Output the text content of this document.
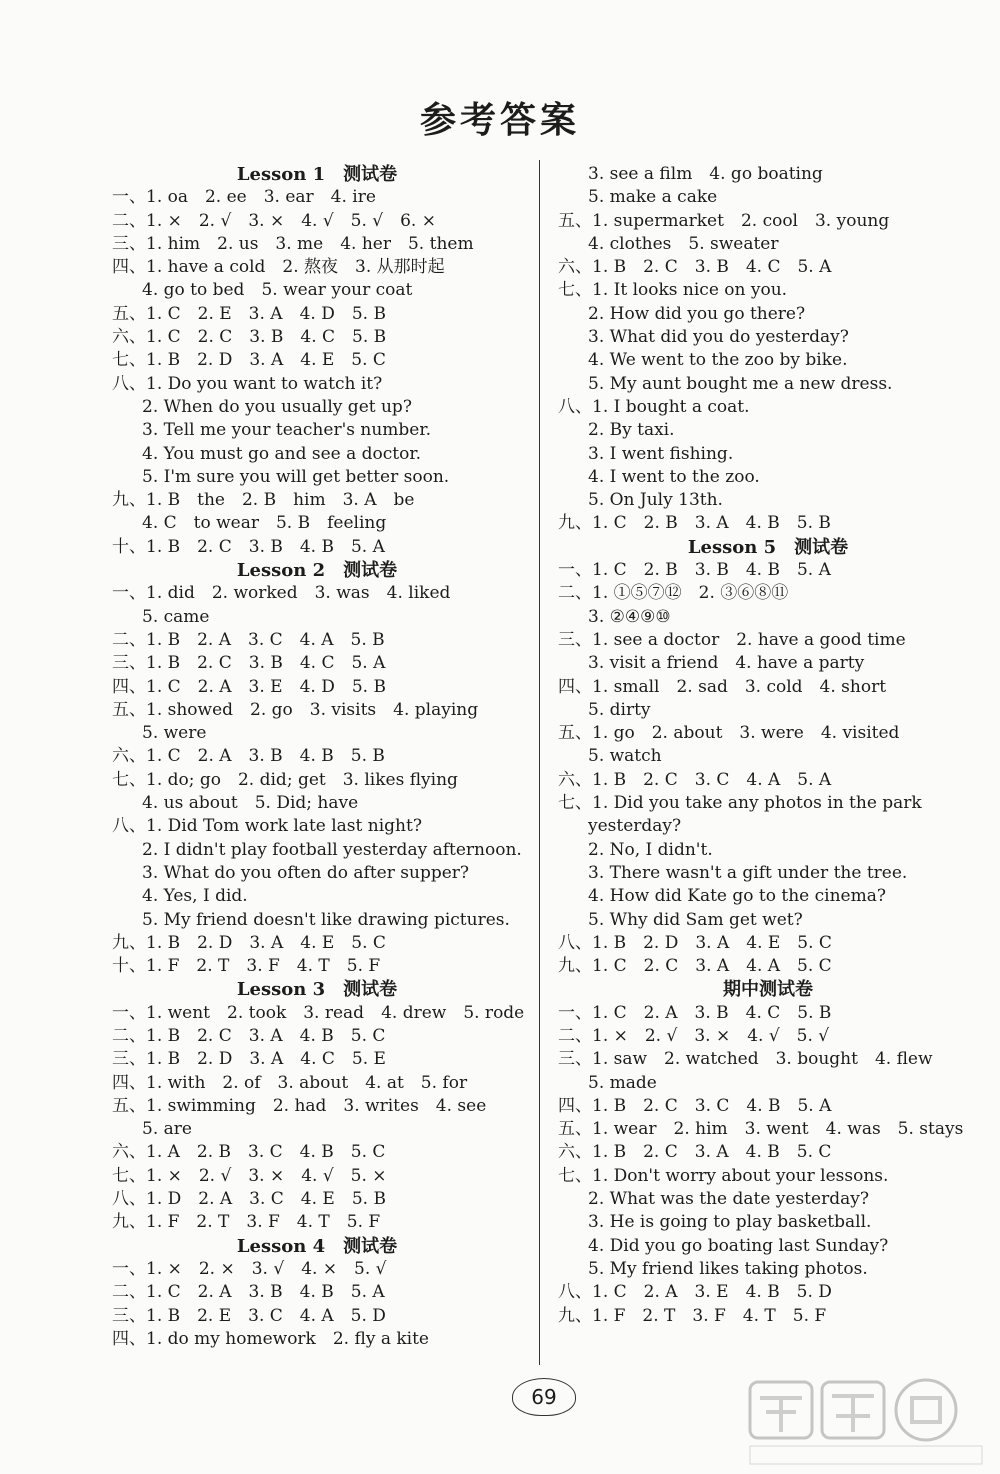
参考答案
Lesson 1　测试卷
一、1. oa　2. ee　3. ear　4. ire
二、1. ×　2. √　3. ×　4. √　5. √　6. ×
三、1. him　2. us　3. me　4. her　5. them
四、1. have a cold　2. 熬夜　3. 从那时起
4. go to bed　5. wear your coat
五、1. C　2. E　3. A　4. D　5. B
六、1. C　2. C　3. B　4. C　5. B
七、1. B　2. D　3. A　4. E　5. C
八、1. Do you want to watch it?
2. When do you usually get up?
3. Tell me your teacher's number.
4. You must go and see a doctor.
5. I'm sure you will get better soon.
九、1. B　the　2. B　him　3. A　be
4. C　to wear　5. B　feeling
十、1. B　2. C　3. B　4. B　5. A
Lesson 2　测试卷
一、1. did　2. worked　3. was　4. liked
5. came
二、1. B　2. A　3. C　4. A　5. B
三、1. B　2. C　3. B　4. C　5. A
四、1. C　2. A　3. E　4. D　5. B
五、1. showed　2. go　3. visits　4. playing
5. were
六、1. C　2. A　3. B　4. B　5. B
七、1. do; go　2. did; get　3. likes flying
4. us about　5. Did; have
八、1. Did Tom work late last night?
2. I didn't play football yesterday afternoon.
3. What do you often do after supper?
4. Yes, I did.
5. My friend doesn't like drawing pictures.
九、1. B　2. D　3. A　4. E　5. C
十、1. F　2. T　3. F　4. T　5. F
Lesson 3　测试卷
一、1. went　2. took　3. read　4. drew　5. rode
二、1. B　2. C　3. A　4. B　5. C
三、1. B　2. D　3. A　4. C　5. E
四、1. with　2. of　3. about　4. at　5. for
五、1. swimming　2. had　3. writes　4. see
5. are
六、1. A　2. B　3. C　4. B　5. C
七、1. ×　2. √　3. ×　4. √　5. ×
八、1. D　2. A　3. C　4. E　5. B
九、1. F　2. T　3. F　4. T　5. F
Lesson 4　测试卷
一、1. ×　2. ×　3. √　4. ×　5. √
二、1. C　2. A　3. B　4. B　5. A
三、1. B　2. E　3. C　4. A　5. D
四、1. do my homework　2. fly a kite
3. see a film　4. go boating
5. make a cake
五、1. supermarket　2. cool　3. young
4. clothes　5. sweater
六、1. B　2. C　3. B　4. C　5. A
七、1. It looks nice on you.
2. How did you go there?
3. What did you do yesterday?
4. We went to the zoo by bike.
5. My aunt bought me a new dress.
八、1. I bought a coat.
2. By taxi.
3. I went fishing.
4. I went to the zoo.
5. On July 13th.
九、1. C　2. B　3. A　4. B　5. B
Lesson 5　测试卷
一、1. C　2. B　3. B　4. B　5. A
二、1. ①⑤⑦⑫　2. ③⑥⑧⑪
3. ②④⑨⑩
三、1. see a doctor　2. have a good time
3. visit a friend　4. have a party
四、1. small　2. sad　3. cold　4. short
5. dirty
五、1. go　2. about　3. were　4. visited
5. watch
六、1. B　2. C　3. C　4. A　5. A
七、1. Did you take any photos in the park
yesterday?
2. No, I didn't.
3. There wasn't a gift under the tree.
4. How did Kate go to the cinema?
5. Why did Sam get wet?
八、1. B　2. D　3. A　4. E　5. C
九、1. C　2. C　3. A　4. A　5. C
期中测试卷
一、1. C　2. A　3. B　4. C　5. B
二、1. ×　2. √　3. ×　4. √　5. √
三、1. saw　2. watched　3. bought　4. flew
5. made
四、1. B　2. C　3. C　4. B　5. A
五、1. wear　2. him　3. went　4. was　5. stays
六、1. B　2. C　3. A　4. B　5. C
七、1. Don't worry about your lessons.
2. What was the date yesterday?
3. He is going to play basketball.
4. Did you go boating last Sunday?
5. My friend likes taking photos.
八、1. C　2. A　3. E　4. B　5. D
九、1. F　2. T　3. F　4. T　5. F
69
